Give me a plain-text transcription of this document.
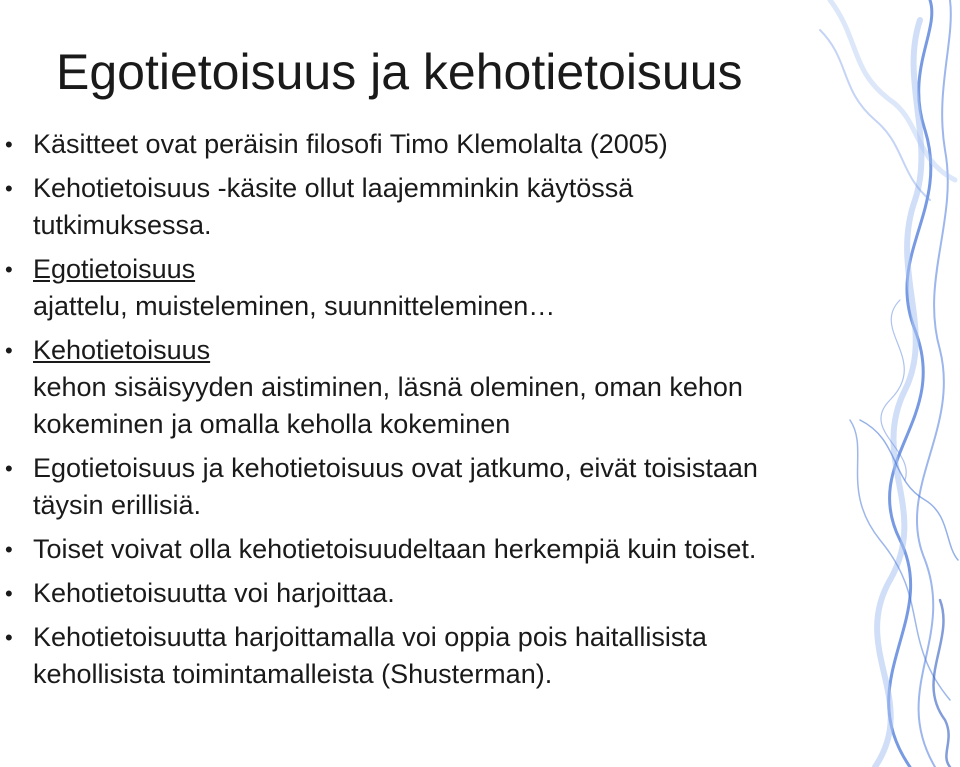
Egotietoisuus ja kehotietoisuus
• Käsitteet ovat peräisin filosofi Timo Klemolalta (2005)
• Kehotietoisuus -käsite ollut laajemminkin käytössä
tutkimuksessa.
• Egotietoisuus
ajattelu, muisteleminen, suunnitteleminen…
• Kehotietoisuus
kehon sisäisyyden aistiminen, läsnä oleminen, oman kehon
kokeminen ja omalla keholla kokeminen
• Egotietoisuus ja kehotietoisuus ovat jatkumo, eivät toisistaan
täysin erillisiä.
• Toiset voivat olla kehotietoisuudeltaan herkempiä kuin toiset.
• Kehotietoisuutta voi harjoittaa.
• Kehotietoisuutta harjoittamalla voi oppia pois haitallisista
kehollisista toimintamalleista (Shusterman).
